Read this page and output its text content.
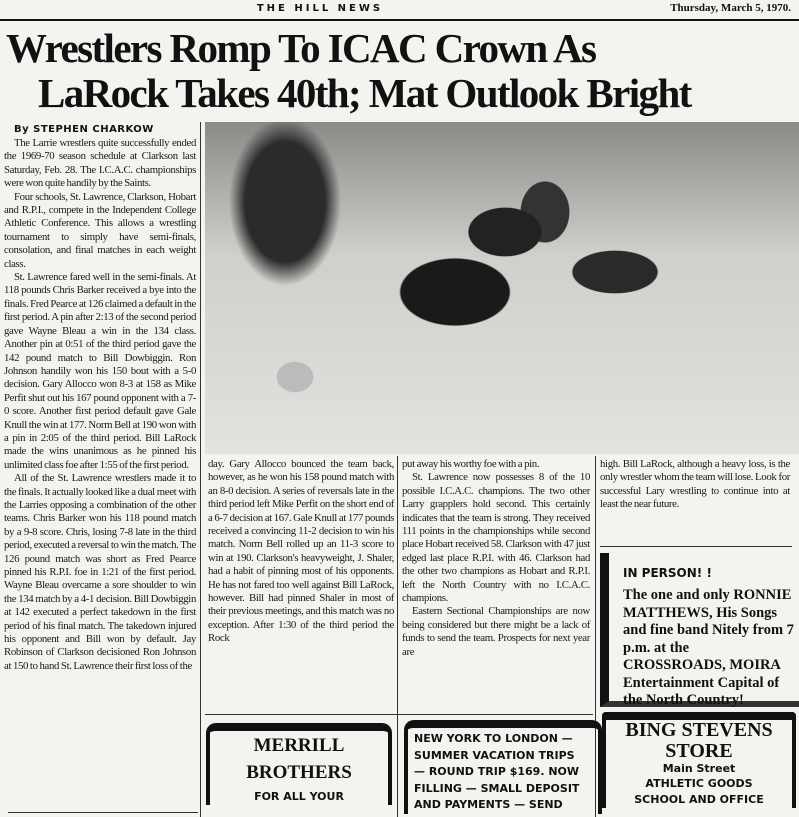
THE HILL NEWS	Thursday, March 5, 1970.
Wrestlers Romp To ICAC Crown As
LaRock Takes 40th; Mat Outlook Bright
By STEPHEN CHARKOW

The Larrie wrestlers quite successfully ended the 1969-70 season schedule at Clarkson last Saturday, Feb. 28. The I.C.A.C. championships were won quite handily by the Saints.

Four schools, St. Lawrence, Clarkson, Hobart and R.P.I., compete in the Independent College Athletic Conference. This allows a wrestling tournament to simply have semi-finals, consolation, and final matches in each weight class.

St. Lawrence fared well in the semi-finals. At 118 pounds Chris Barker received a bye into the finals. Fred Pearce at 126 claimed a default in the first period. A pin after 2:13 of the second period gave Wayne Bleau a win in the 134 class. Another pin at 0:51 of the third period gave the 142 pound match to Bill Dowbiggin. Ron Johnson handily won his 150 bout with a 5-0 decision. Gary Allocco won 8-3 at 158 as Mike Perfit shut out his 167 pound opponent with a 7-0 score. Another first period default gave Gale Knull the win at 177. Norm Bell at 190 won with a pin in 2:05 of the third period. Bill LaRock made the wins unanimous as he pinned his unlimited class foe after 1:55 of the first period.

All of the St. Lawrence wrestlers made it to the finals. It actually looked like a dual meet with the Larries opposing a combination of the other teams. Chris Barker won his 118 pound match by a 9-8 score. Chris, losing 7-8 late in the third period, executed a reversal to win the match. The 126 pound match was short as Fred Pearce pinned his R.P.I. foe in 1:21 of the first period. Wayne Bleau overcame a sore shoulder to win the 134 match by a 4-1 decision. Bill Dowbiggin at 142 executed a perfect takedown in the first period of his final match. The takedown injured his opponent and Bill won by default. Jay Robinson of Clarkson decisioned Ron Johnson at 150 to hand St. Lawrence their first loss of the

day. Gary Allocco bounced the team back, however, as he won his 158 pound match with an 8-0 decision. A series of reversals late in the third period left Mike Perfit on the short end of a 6-7 decision at 167. Gale Knull at 177 pounds received a convincing 11-2 decision to win his match. Norm Bell rolled up an 11-3 score to win at 190. Clarkson's heavyweight, J. Shaler, had a habit of pinning most of his opponents. He has not fared too well against Bill LaRock, however. Bill had pinned Shaler in most of their previous meetings, and this match was no exception. After 1:30 of the third period the Rock

put away his worthy foe with a pin.

St. Lawrence now possesses 8 of the 10 possible I.C.A.C. champions. The two other Larry grapplers hold second. This certainly indicates that the team is strong. They received 111 points in the championships while second place Hobart received 58. Clarkson with 47 just edged last place R.P.I. with 46. Clarkson had the other two champions as Hobart and R.P.I. left the North Country with no I.C.A.C. champions.

Eastern Sectional Championships are now being considered but there might be a lack of funds to send the team. Prospects for next year are

high. Bill LaRock, although a heavy loss, is the only wrestler whom the team will lose. Look for successful Lary wrestling to continue into at least the near future.

IN PERSON! !
The one and only RONNIE MATTHEWS, His Songs and fine band Nitely from 7 p.m. at the CROSSROADS, MOIRA Entertainment Capital of the North Country!
MERRILL
BROTHERS
FOR ALL YOUR
NEW YORK TO LONDON —
SUMMER VACATION TRIPS
— ROUND TRIP $169. NOW
FILLING — SMALL DEPOSIT
AND PAYMENTS — SEND
BING STEVENS
STORE
Main Street
ATHLETIC GOODS
SCHOOL AND OFFICE
